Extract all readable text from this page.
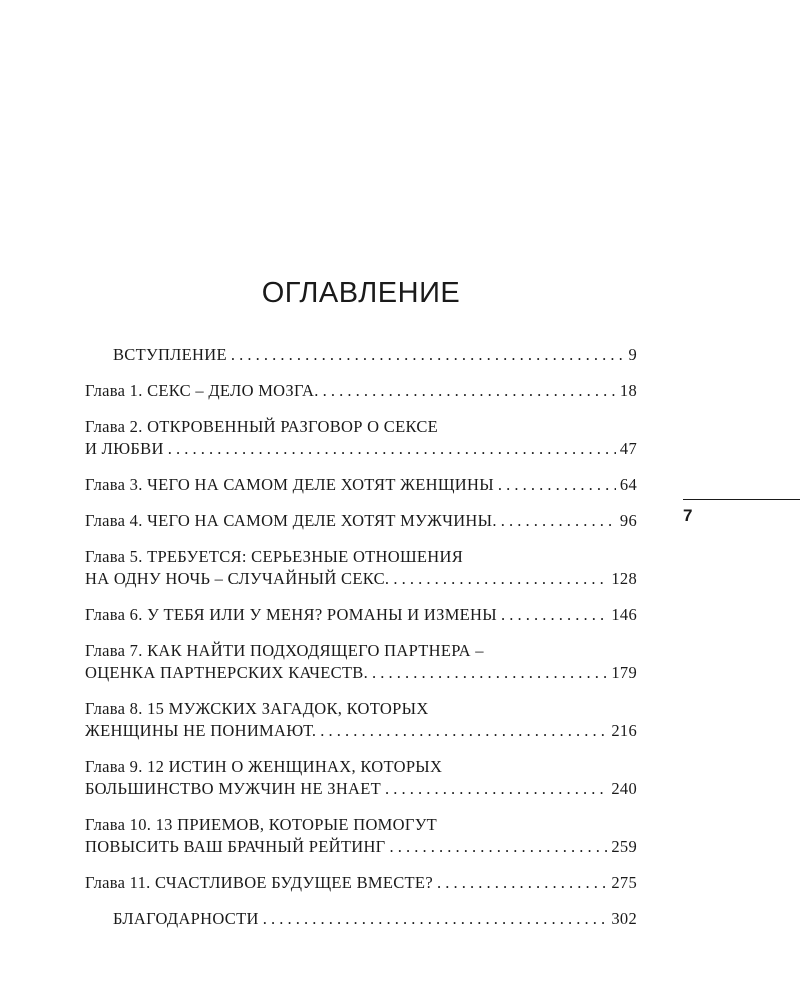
ОГЛАВЛЕНИЕ
ВСТУПЛЕНИЕ . . .	9
Глава 1. СЕКС – ДЕЛО МОЗГА. . . .	18
Глава 2. ОТКРОВЕННЫЙ РАЗГОВОР О СЕКСЕ
И ЛЮБВИ . . .	47
Глава 3. ЧЕГО НА САМОМ ДЕЛЕ ХОТЯТ ЖЕНЩИНЫ . . .	64
Глава 4. ЧЕГО НА САМОМ ДЕЛЕ ХОТЯТ МУЖЧИНЫ. . . .	96
Глава 5. ТРЕБУЕТСЯ: СЕРЬЕЗНЫЕ ОТНОШЕНИЯ
НА ОДНУ НОЧЬ – СЛУЧАЙНЫЙ СЕКС. . . .	128
Глава 6. У ТЕБЯ ИЛИ У МЕНЯ? РОМАНЫ И ИЗМЕНЫ . . .	146
Глава 7. КАК НАЙТИ ПОДХОДЯЩЕГО ПАРТНЕРА –
ОЦЕНКА ПАРТНЕРСКИХ КАЧЕСТВ. . . .	179
Глава 8. 15 МУЖСКИХ ЗАГАДОК, КОТОРЫХ
ЖЕНЩИНЫ НЕ ПОНИМАЮТ. . . .	216
Глава 9. 12 ИСТИН О ЖЕНЩИНАХ, КОТОРЫХ
БОЛЬШИНСТВО МУЖЧИН НЕ ЗНАЕТ . . .	240
Глава 10. 13 ПРИЕМОВ, КОТОРЫЕ ПОМОГУТ
ПОВЫСИТЬ ВАШ БРАЧНЫЙ РЕЙТИНГ . . .	259
Глава 11. СЧАСТЛИВОЕ БУДУЩЕЕ ВМЕСТЕ? . . .	275
БЛАГОДАРНОСТИ . . .	302
7
